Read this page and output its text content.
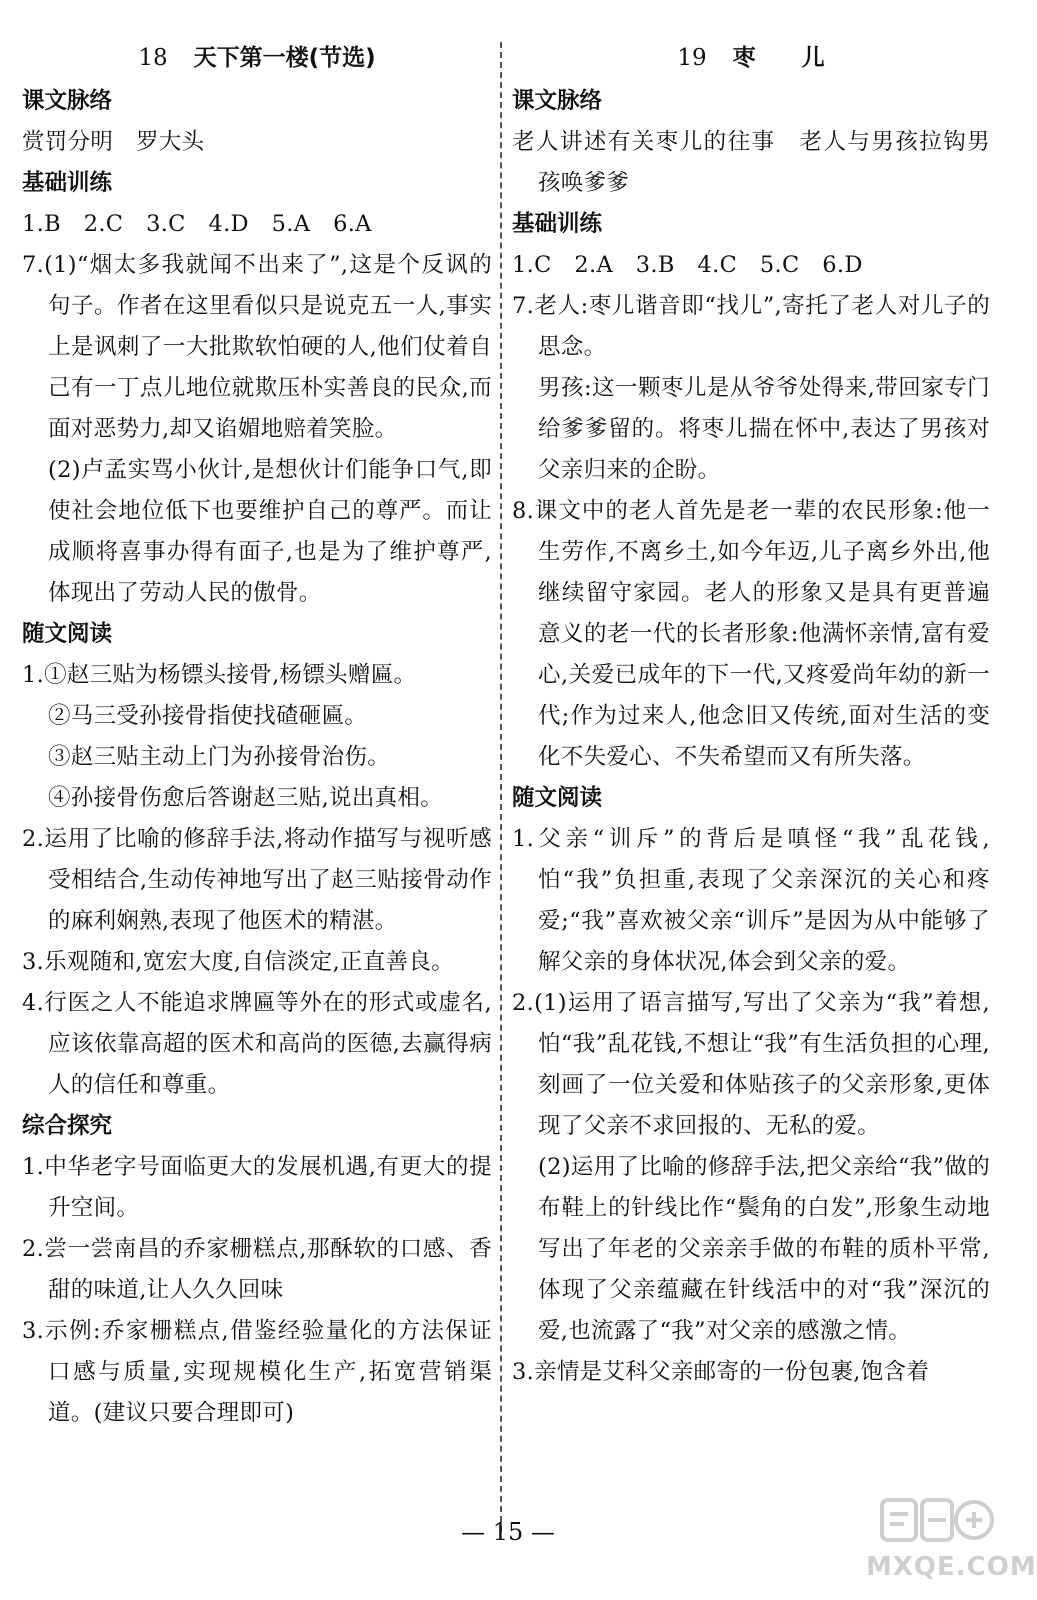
18 天下第一楼(节选)
课文脉络
赏罚分明　罗大头
基础训练
1.B　2.C　3.C　4.D　5.A　6.A
7.(1)“烟太多我就闻不出来了”,这是个反讽的句子。作者在这里看似只是说克五一人,事实上是讽刺了一大批欺软怕硬的人,他们仗着自己有一丁点儿地位就欺压朴实善良的民众,而面对恶势力,却又谄媚地赔着笑脸。
(2)卢孟实骂小伙计,是想伙计们能争口气,即使社会地位低下也要维护自己的尊严。而让成顺将喜事办得有面子,也是为了维护尊严,体现出了劳动人民的傲骨。
随文阅读
1.①赵三贴为杨镖头接骨,杨镖头赠匾。
②马三受孙接骨指使找碴砸匾。
③赵三贴主动上门为孙接骨治伤。
④孙接骨伤愈后答谢赵三贴,说出真相。
2.运用了比喻的修辞手法,将动作描写与视听感受相结合,生动传神地写出了赵三贴接骨动作的麻利娴熟,表现了他医术的精湛。
3.乐观随和,宽宏大度,自信淡定,正直善良。
4.行医之人不能追求牌匾等外在的形式或虚名,应该依靠高超的医术和高尚的医德,去赢得病人的信任和尊重。
综合探究
1.中华老字号面临更大的发展机遇,有更大的提升空间。
2.尝一尝南昌的乔家栅糕点,那酥软的口感、香甜的味道,让人久久回味
3.示例:乔家栅糕点,借鉴经验量化的方法保证口感与质量,实现规模化生产,拓宽营销渠道。(建议只要合理即可)
19 枣　　儿
课文脉络
老人讲述有关枣儿的往事　老人与男孩拉钩男孩唤爹爹
基础训练
1.C　2.A　3.B　4.C　5.C　6.D
7.老人:枣儿谐音即“找儿”,寄托了老人对儿子的思念。
男孩:这一颗枣儿是从爷爷处得来,带回家专门给爹爹留的。将枣儿揣在怀中,表达了男孩对父亲归来的企盼。
8.课文中的老人首先是老一辈的农民形象:他一生劳作,不离乡土,如今年迈,儿子离乡外出,他继续留守家园。老人的形象又是具有更普遍意义的老一代的长者形象:他满怀亲情,富有爱心,关爱已成年的下一代,又疼爱尚年幼的新一代;作为过来人,他念旧又传统,面对生活的变化不失爱心、不失希望而又有所失落。
随文阅读
1.父亲“训斥”的背后是嗔怪“我”乱花钱,怕“我”负担重,表现了父亲深沉的关心和疼爱;“我”喜欢被父亲“训斥”是因为从中能够了解父亲的身体状况,体会到父亲的爱。
2.(1)运用了语言描写,写出了父亲为“我”着想,怕“我”乱花钱,不想让“我”有生活负担的心理,刻画了一位关爱和体贴孩子的父亲形象,更体现了父亲不求回报的、无私的爱。
(2)运用了比喻的修辞手法,把父亲给“我”做的布鞋上的针线比作“鬓角的白发”,形象生动地写出了年老的父亲亲手做的布鞋的质朴平常,体现了父亲蕴藏在针线活中的对“我”深沉的爱,也流露了“我”对父亲的感激之情。
3.亲情是艾科父亲邮寄的一份包裹,饱含着
— 15 —
MXQE.COM
